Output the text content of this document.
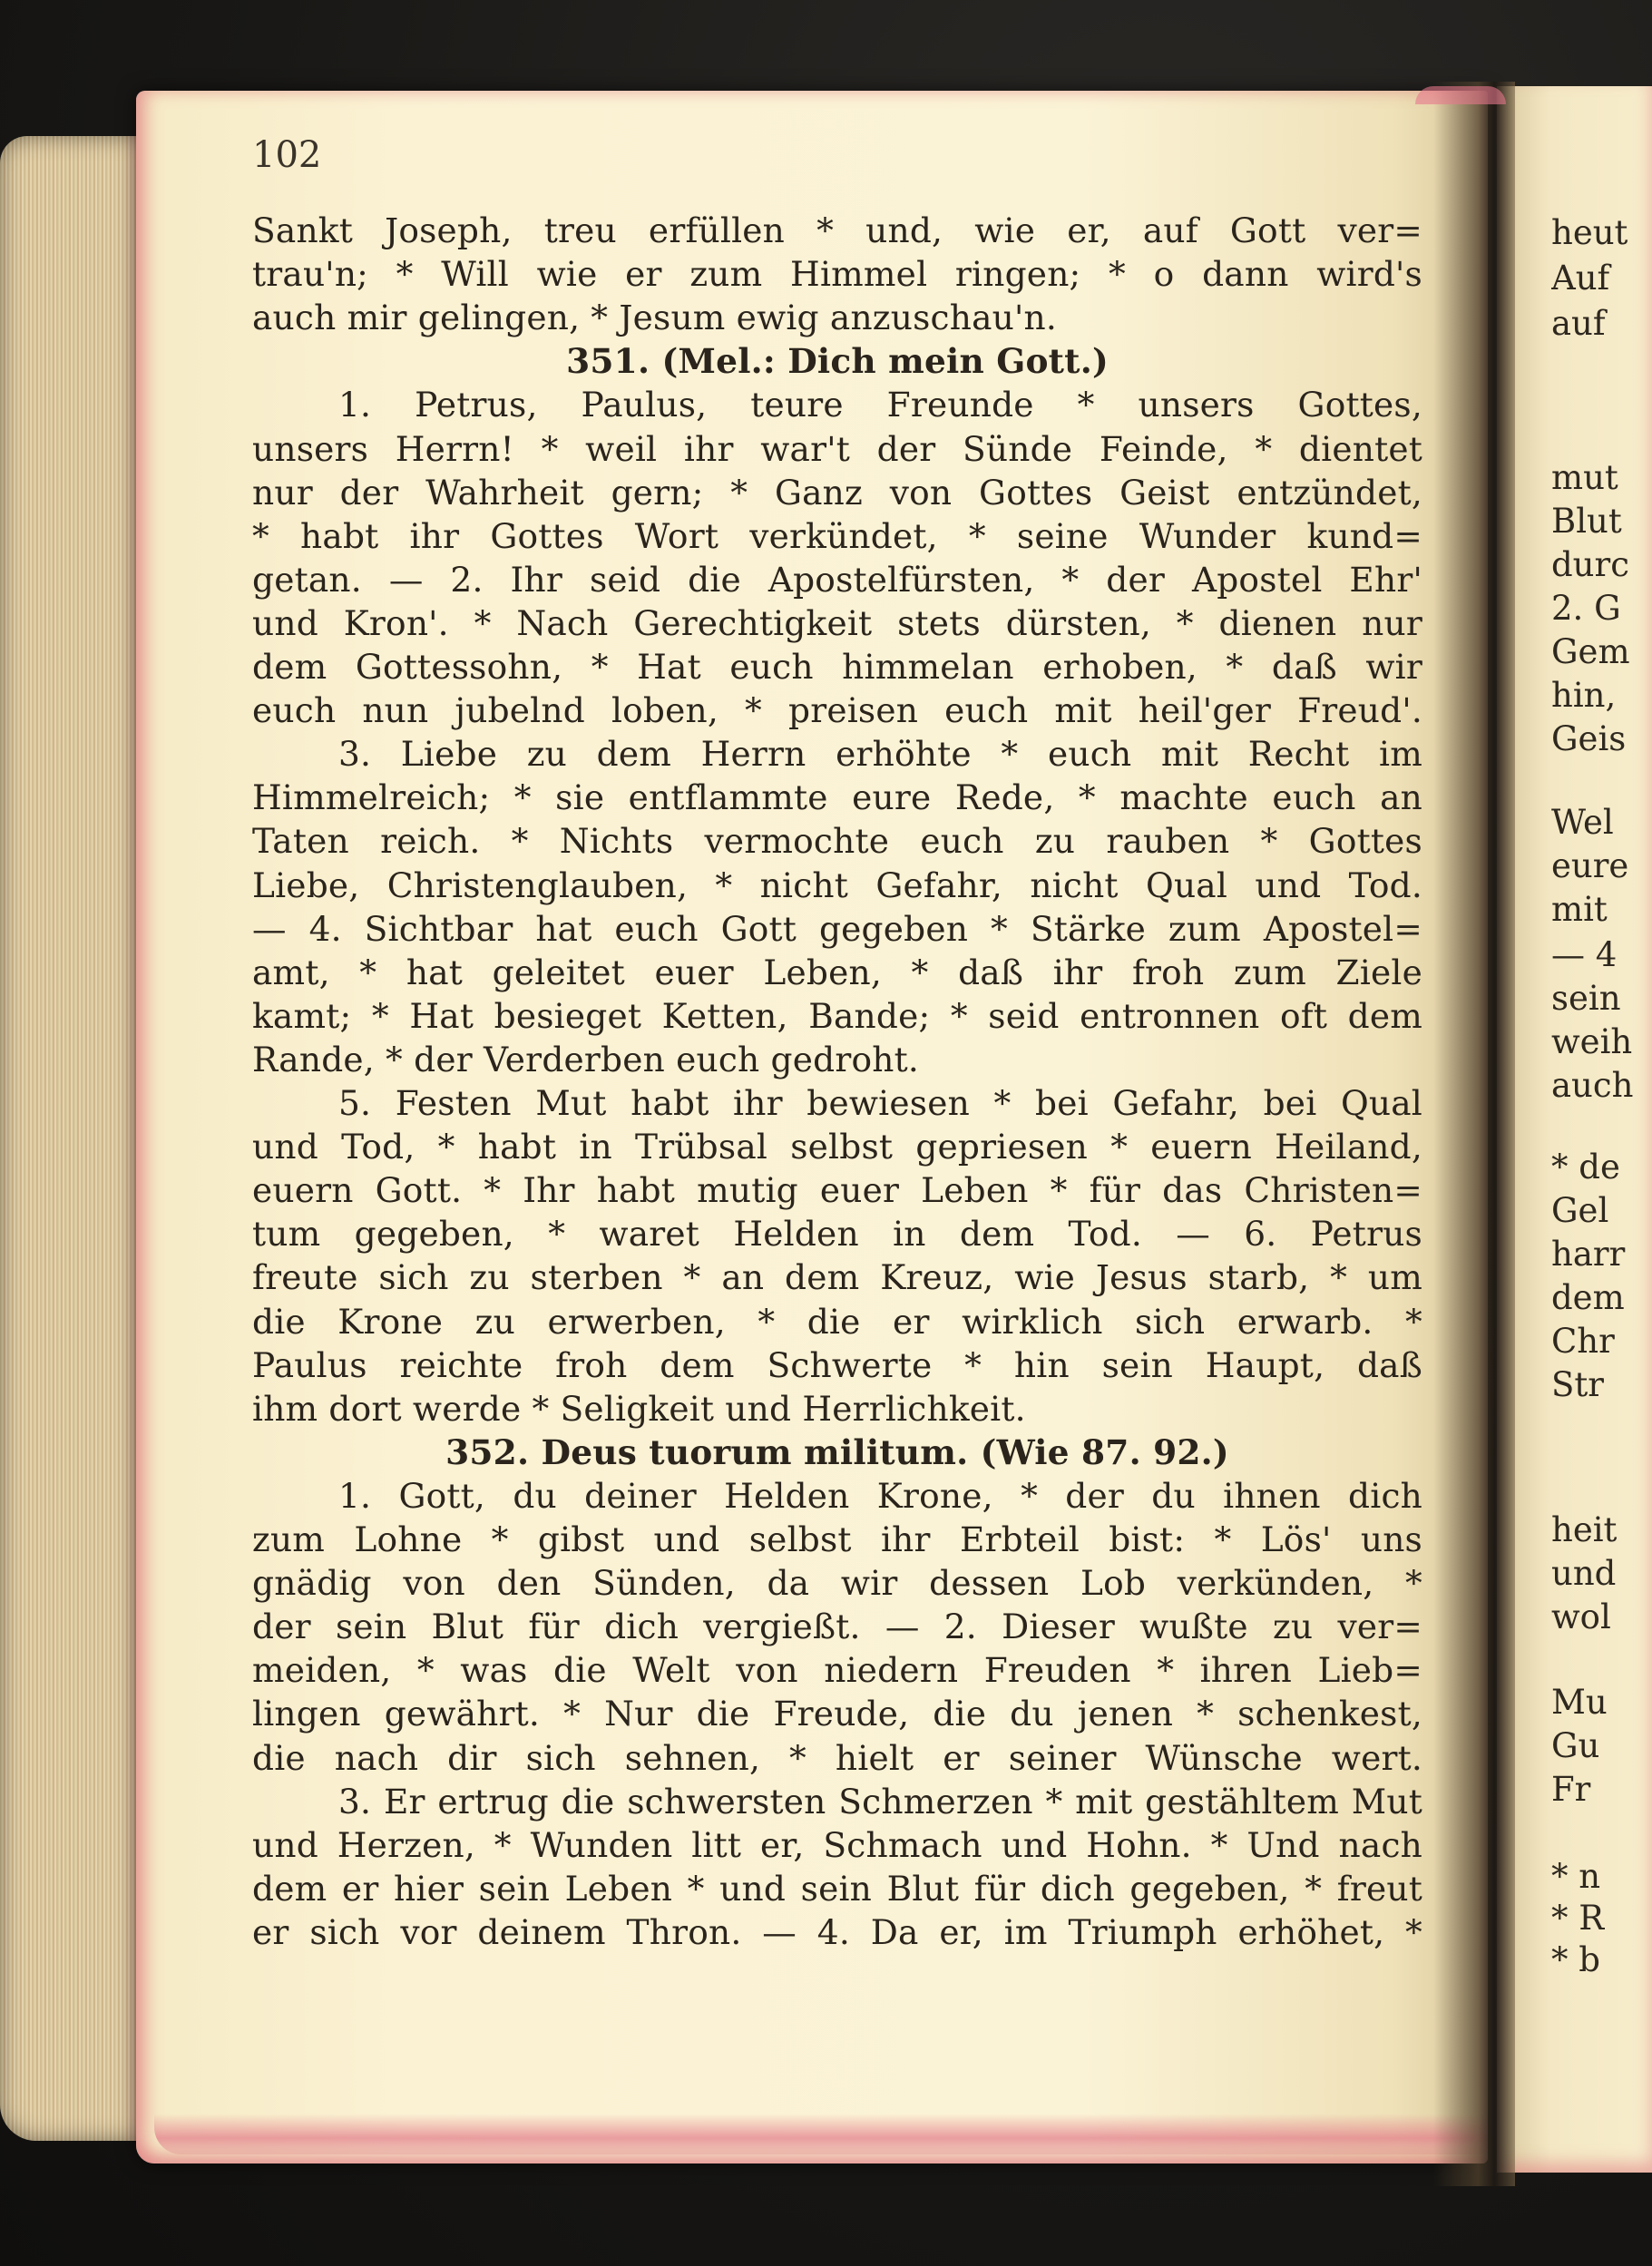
102
Sankt Joseph, treu erfüllen * und, wie er, auf Gott ver=
trau'n; * Will wie er zum Himmel ringen; * o dann wird's
auch mir gelingen, * Jesum ewig anzuschau'n.
351. (Mel.: Dich mein Gott.)
1. Petrus, Paulus, teure Freunde * unsers Gottes,
unsers Herrn! * weil ihr war't der Sünde Feinde, * dientet
nur der Wahrheit gern; * Ganz von Gottes Geist entzündet,
* habt ihr Gottes Wort verkündet, * seine Wunder kund=
getan. — 2. Ihr seid die Apostelfürsten, * der Apostel Ehr'
und Kron'. * Nach Gerechtigkeit stets dürsten, * dienen nur
dem Gottessohn, * Hat euch himmelan erhoben, * daß wir
euch nun jubelnd loben, * preisen euch mit heil'ger Freud'.
3. Liebe zu dem Herrn erhöhte * euch mit Recht im
Himmelreich; * sie entflammte eure Rede, * machte euch an
Taten reich. * Nichts vermochte euch zu rauben * Gottes
Liebe, Christenglauben, * nicht Gefahr, nicht Qual und Tod.
— 4. Sichtbar hat euch Gott gegeben * Stärke zum Apostel=
amt, * hat geleitet euer Leben, * daß ihr froh zum Ziele
kamt; * Hat besieget Ketten, Bande; * seid entronnen oft dem
Rande, * der Verderben euch gedroht.
5. Festen Mut habt ihr bewiesen * bei Gefahr, bei Qual
und Tod, * habt in Trübsal selbst gepriesen * euern Heiland,
euern Gott. * Ihr habt mutig euer Leben * für das Christen=
tum gegeben, * waret Helden in dem Tod. — 6. Petrus
freute sich zu sterben * an dem Kreuz, wie Jesus starb, * um
die Krone zu erwerben, * die er wirklich sich erwarb. *
Paulus reichte froh dem Schwerte * hin sein Haupt, daß
ihm dort werde * Seligkeit und Herrlichkeit.
352. Deus tuorum militum. (Wie 87. 92.)
1. Gott, du deiner Helden Krone, * der du ihnen dich
zum Lohne * gibst und selbst ihr Erbteil bist: * Lös' uns
gnädig von den Sünden, da wir dessen Lob verkünden, *
der sein Blut für dich vergießt. — 2. Dieser wußte zu ver=
meiden, * was die Welt von niedern Freuden * ihren Lieb=
lingen gewährt. * Nur die Freude, die du jenen * schenkest,
die nach dir sich sehnen, * hielt er seiner Wünsche wert.
3. Er ertrug die schwersten Schmerzen * mit gestähltem Mut
und Herzen, * Wunden litt er, Schmach und Hohn. * Und nach
dem er hier sein Leben * und sein Blut für dich gegeben, * freut
er sich vor deinem Thron. — 4. Da er, im Triumph erhöhet, *
heut
Auf
auf
mut
Blut
durc
2. G
Gem
hin,
Geis
Wel
eure
mit
— 4
sein
weih
auch
* de
Gel
harr
dem
Chr
Str
heit
und
wol
Mu
Gu
Fr
* n
* R
* b
